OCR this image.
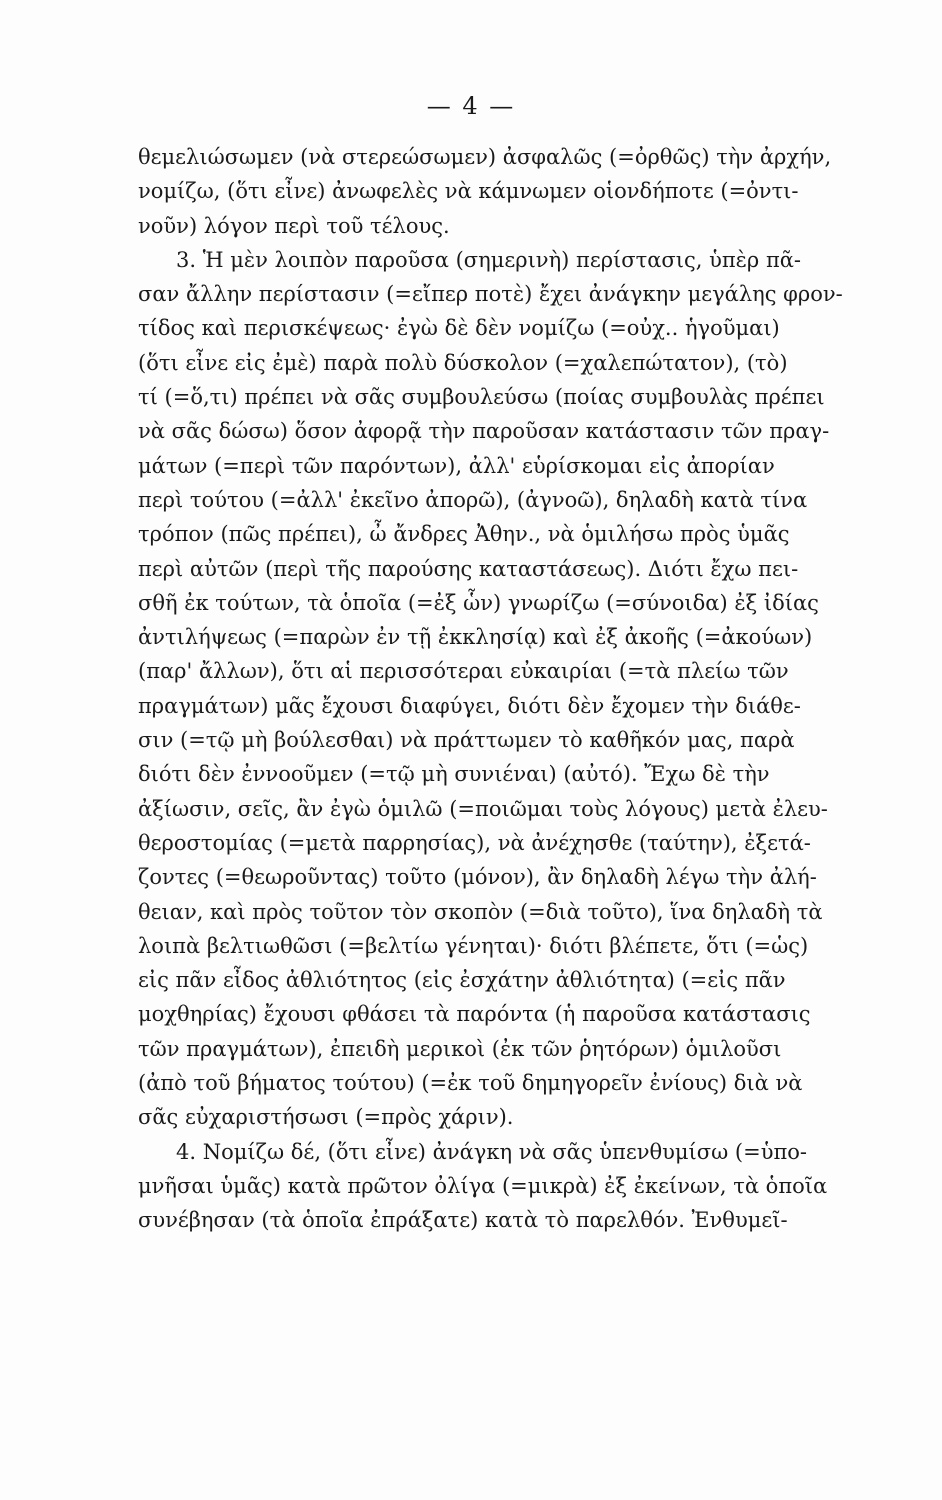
— 4 —
θεμελιώσωμεν (νὰ στερεώσωμεν) ἀσφαλῶς (=ὀρθῶς) τὴν ἀρχήν,
νομίζω, (ὅτι εἶνε) ἀνωφελὲς νὰ κάμνωμεν οἱονδήποτε (=ὀντι-
νοῦν) λόγον περὶ τοῦ τέλους.
3. Ἡ μὲν λοιπὸν παροῦσα (σημερινὴ) περίστασις, ὑπὲρ πᾶ-
σαν ἄλλην περίστασιν (=εἴπερ ποτὲ) ἔχει ἀνάγκην μεγάλης φρον-
τίδος καὶ περισκέψεως· ἐγὼ δὲ δὲν νομίζω (=οὐχ.. ἡγοῦμαι)
(ὅτι εἶνε εἰς ἐμὲ) παρὰ πολὺ δύσκολον (=χαλεπώτατον), (τὸ)
τί (=ὅ,τι) πρέπει νὰ σᾶς συμβουλεύσω (ποίας συμβουλὰς πρέπει
νὰ σᾶς δώσω) ὅσον ἀφορᾷ τὴν παροῦσαν κατάστασιν τῶν πραγ-
μάτων (=περὶ τῶν παρόντων), ἀλλ' εὑρίσκομαι εἰς ἀπορίαν
περὶ τούτου (=ἀλλ' ἐκεῖνο ἀπορῶ), (ἀγνοῶ), δηλαδὴ κατὰ τίνα
τρόπον (πῶς πρέπει), ὦ ἄνδρες Ἀθην., νὰ ὁμιλήσω πρὸς ὑμᾶς
περὶ αὐτῶν (περὶ τῆς παρούσης καταστάσεως). Διότι ἔχω πει-
σθῆ ἐκ τούτων, τὰ ὁποῖα (=ἐξ ὧν) γνωρίζω (=σύνοιδα) ἐξ ἰδίας
ἀντιλήψεως (=παρὼν ἐν τῇ ἐκκλησίᾳ) καὶ ἐξ ἀκοῆς (=ἀκούων)
(παρ' ἄλλων), ὅτι αἱ περισσότεραι εὐκαιρίαι (=τὰ πλείω τῶν
πραγμάτων) μᾶς ἔχουσι διαφύγει, διότι δὲν ἔχομεν τὴν διάθε-
σιν (=τῷ μὴ βούλεσθαι) νὰ πράττωμεν τὸ καθῆκόν μας, παρὰ
διότι δὲν ἐννοοῦμεν (=τῷ μὴ συνιέναι) (αὐτό). Ἔχω δὲ τὴν
ἀξίωσιν, σεῖς, ἂν ἐγὼ ὁμιλῶ (=ποιῶμαι τοὺς λόγους) μετὰ ἐλευ-
θεροστομίας (=μετὰ παρρησίας), νὰ ἀνέχησθε (ταύτην), ἐξετά-
ζοντες (=θεωροῦντας) τοῦτο (μόνον), ἂν δηλαδὴ λέγω τὴν ἀλή-
θειαν, καὶ πρὸς τοῦτον τὸν σκοπὸν (=διὰ τοῦτο), ἵνα δηλαδὴ τὰ
λοιπὰ βελτιωθῶσι (=βελτίω γένηται)· διότι βλέπετε, ὅτι (=ὡς)
εἰς πᾶν εἶδος ἀθλιότητος (εἰς ἐσχάτην ἀθλιότητα) (=εἰς πᾶν
μοχθηρίας) ἔχουσι φθάσει τὰ παρόντα (ἡ παροῦσα κατάστασις
τῶν πραγμάτων), ἐπειδὴ μερικοὶ (ἐκ τῶν ῥητόρων) ὁμιλοῦσι
(ἀπὸ τοῦ βήματος τούτου) (=ἐκ τοῦ δημηγορεῖν ἐνίους) διὰ νὰ
σᾶς εὐχαριστήσωσι (=πρὸς χάριν).
4. Νομίζω δέ, (ὅτι εἶνε) ἀνάγκη νὰ σᾶς ὑπενθυμίσω (=ὑπο-
μνῆσαι ὑμᾶς) κατὰ πρῶτον ὀλίγα (=μικρὰ) ἐξ ἐκείνων, τὰ ὁποῖα
συνέβησαν (τὰ ὁποῖα ἐπράξατε) κατὰ τὸ παρελθόν. Ἐνθυμεῖ-
